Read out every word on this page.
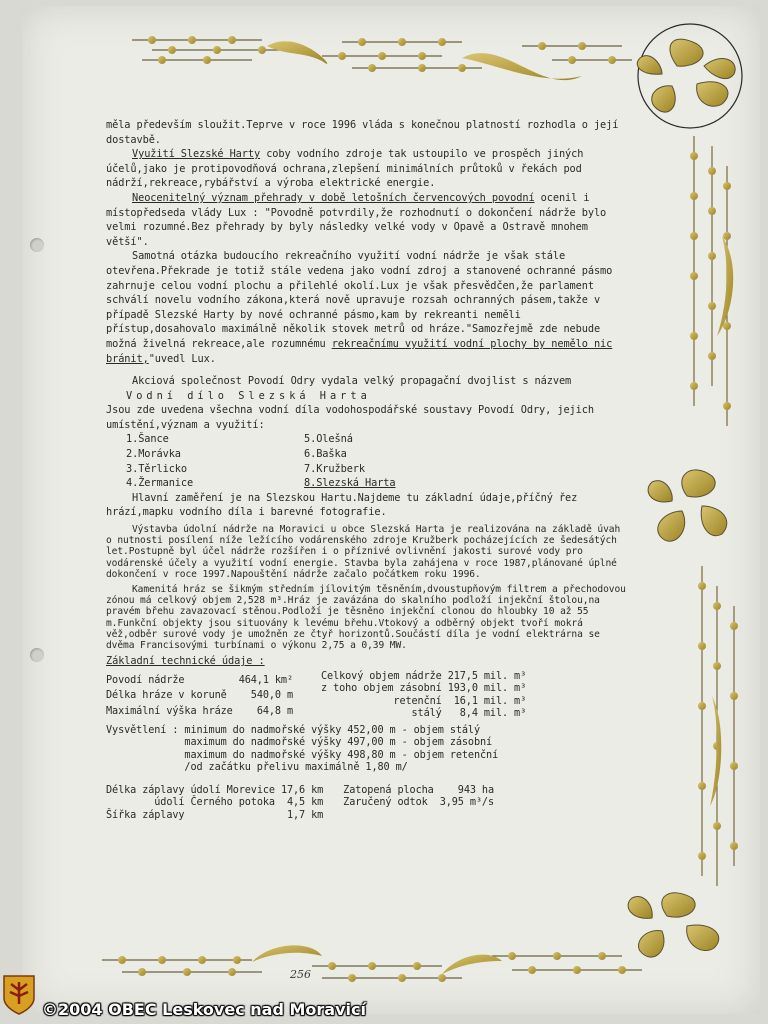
256

měla především sloužit.Teprve v roce 1996 vláda s konečnou platností rozhodla o její dostavbě.

Využití Slezské Harty coby vodního zdroje tak ustoupilo ve prospěch jiných účelů,jako je protipovodňová ochrana,zlepšení minimálních průtoků v řekách pod nádrží,rekreace,rybářství a výroba elektrické energie.

Neocenitelný význam přehrady v době letošních červencových povodní ocenil i místopředseda vlády Lux : "Povodně potvrdily,že rozhodnutí o dokončení nádrže bylo velmi rozumné.Bez přehrady by byly následky velké vody v Opavě a Ostravě mnohem větší".

Samotná otázka budoucího rekreačního využití vodní nádrže je však stále otevřena.Překrade je totiž stále vedena jako vodní zdroj a stanovené ochranné pásmo zahrnuje celou vodní plochu a přilehlé okolí.Lux je však přesvědčen,že parlament schválí novelu vodního zákona,která nově upravuje rozsah ochranných pásem,takže v případě Slezské Harty by nové ochranné pásmo,kam by rekreanti neměli přístup,dosahovalo maximálně několik stovek metrů od hráze."Samozřejmě zde nebude možná živelná rekreace,ale rozumnému rekreačnímu využití vodní plochy by nemělo nic bránit,"uvedl Lux.

Akciová společnost Povodí Odry vydala velký propagační dvojlist s názvem

Vodní dílo Slezská Harta

Jsou zde uvedena všechna vodní díla vodohospodářské soustavy Povodí Odry, jejich umístění,význam a využití:

1.Šance

2.Morávka

3.Těrlicko

4.Žermanice

5.Olešná

6.Baška

7.Kružberk

8.Slezská Harta

Hlavní zaměření je na Slezskou Hartu.Najdeme tu základní údaje,příčný řez hrází,mapku vodního díla i barevné fotografie.

Výstavba údolní nádrže na Moravici u obce Slezská Harta je realizována na základě úvah o nutnosti posílení níže ležícího vodárenského zdroje Kružberk pocházejících ze šedesátých let.Postupně byl účel nádrže rozšířen i o příznivé ovlivnění jakosti surové vody pro vodárenské účely a využití vodní energie. Stavba byla zahájena v roce 1987,plánované úplné dokončení v roce 1997.Napouštění nádrže začalo počátkem roku 1996.

Kamenitá hráz se šikmým středním jílovitým těsněním,dvoustupňovým filtrem a přechodovou zónou má celkový objem 2,528 m³.Hráz je zavázána do skalního podloží injekční štolou,na pravém břehu zavazovací stěnou.Podloží je těsněno injekční clonou do hloubky 10 až 55 m.Funkční objekty jsou situovány k levému břehu.Vtokový a odběrný objekt tvoří mokrá věž,odběr surové vody je umožněn ze čtyř horizontů.Součástí díla je vodní elektrárna se dvěma Francisovými turbínami o výkonu 2,75 a 0,39 MW.

Základní technické údaje :

Povodí nádrže	464,1 km²
Délka hráze v koruně	540,0 m
Maximální výška hráze	64,8 m
Celkový objem nádrže	217,5 mil. m³
z toho objem zásobní	193,0 mil. m³
retenční	16,1 mil. m³
stálý	8,4 mil. m³
Vysvětlení :	minimum do nadmořské výšky	452,00 m	- objem stálý
	maximum do nadmořské výšky	497,00 m	- objem zásobní
	maximum do nadmořské výšky	498,80 m	- objem retenční
	/od začátku přelivu maximálně 1,80 m/		
Délka záplavy údolí Morevice	17,6 km	Zatopená plocha	943 ha
údolí Černého potoka	4,5 km	Zaručený odtok	3,95 m³/s
Šířka záplavy	1,7 km		
©2004 OBEC Leskovec nad Moravicí
